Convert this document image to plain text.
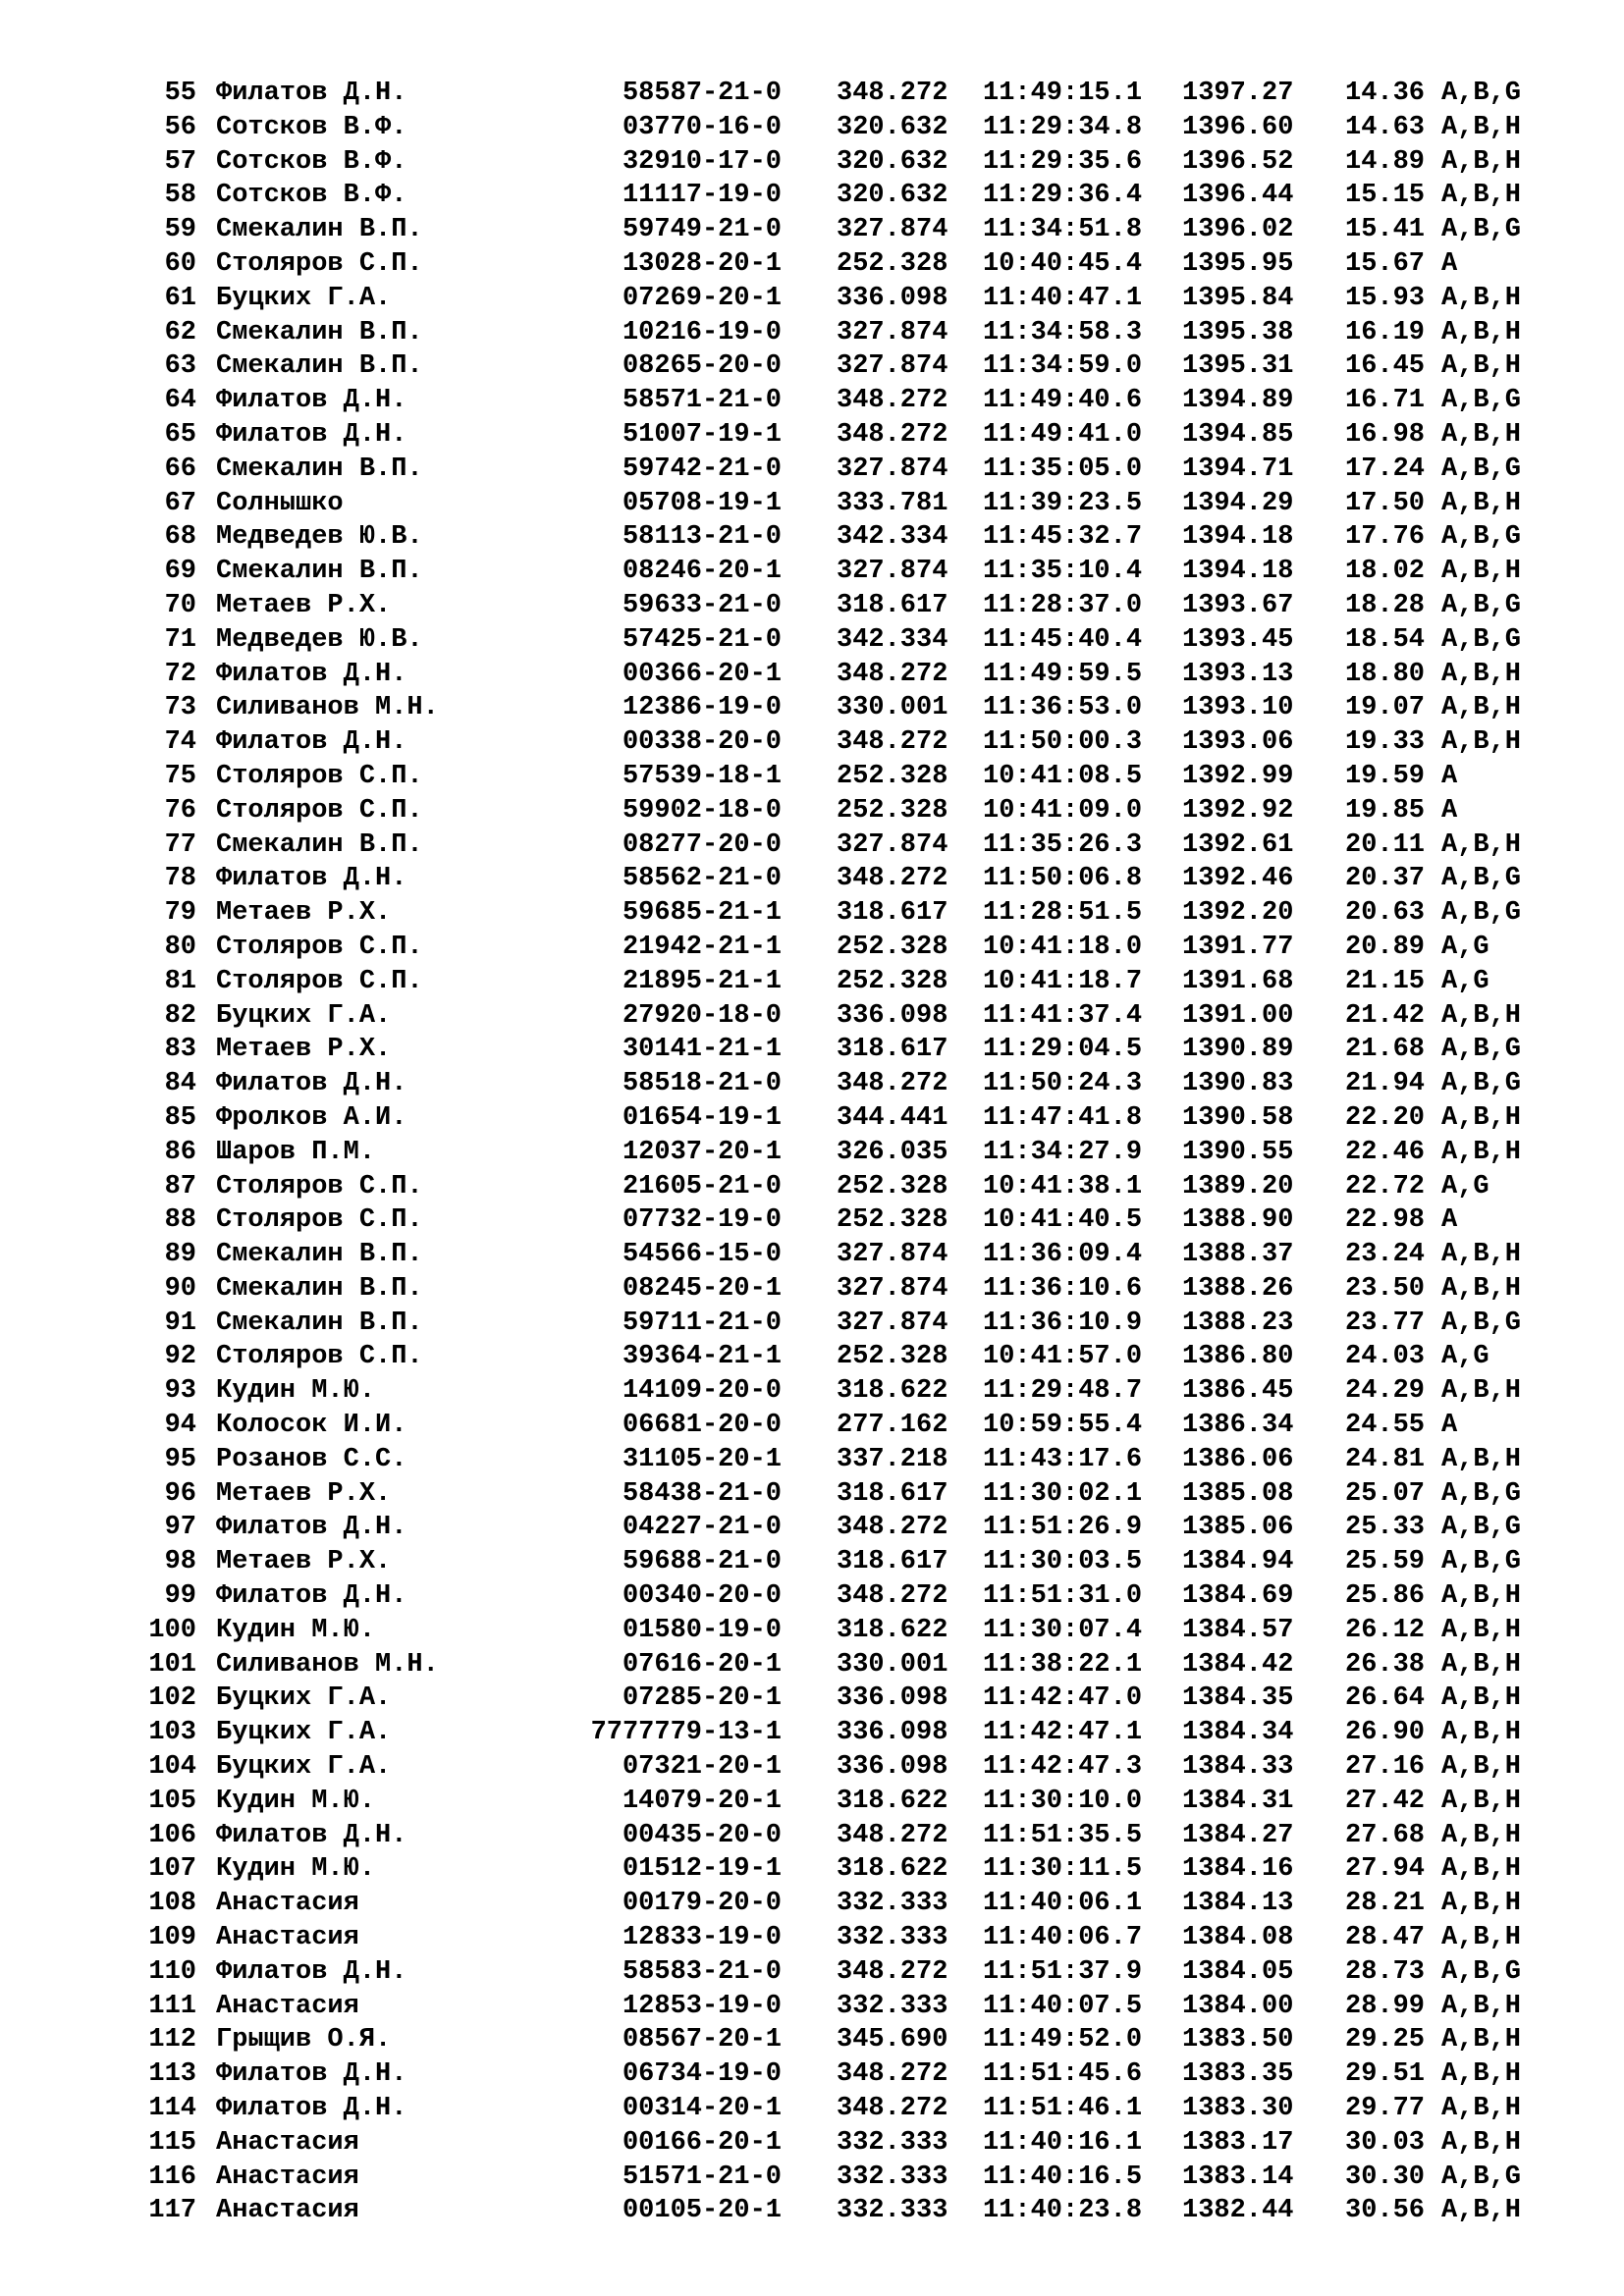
55 Филатов Д.Н.	58587-21-0 348.272 11:49:15.1 1397.27 14.36 A,B,G
56 Сотсков В.Ф.	03770-16-0 320.632 11:29:34.8 1396.60 14.63 A,B,H
57 Сотсков В.Ф.	32910-17-0 320.632 11:29:35.6 1396.52 14.89 A,B,H
58 Сотсков В.Ф.	11117-19-0 320.632 11:29:36.4 1396.44 15.15 A,B,H
59 Смекалин В.П.	59749-21-0 327.874 11:34:51.8 1396.02 15.41 A,B,G
60 Столяров С.П.	13028-20-1 252.328 10:40:45.4 1395.95 15.67 A
61 Буцких Г.А.	07269-20-1 336.098 11:40:47.1 1395.84 15.93 A,B,H
62 Смекалин В.П.	10216-19-0 327.874 11:34:58.3 1395.38 16.19 A,B,H
63 Смекалин В.П.	08265-20-0 327.874 11:34:59.0 1395.31 16.45 A,B,H
64 Филатов Д.Н.	58571-21-0 348.272 11:49:40.6 1394.89 16.71 A,B,G
65 Филатов Д.Н.	51007-19-1 348.272 11:49:41.0 1394.85 16.98 A,B,H
66 Смекалин В.П.	59742-21-0 327.874 11:35:05.0 1394.71 17.24 A,B,G
67 Солнышко	05708-19-1 333.781 11:39:23.5 1394.29 17.50 A,B,H
68 Медведев Ю.В.	58113-21-0 342.334 11:45:32.7 1394.18 17.76 A,B,G
69 Смекалин В.П.	08246-20-1 327.874 11:35:10.4 1394.18 18.02 A,B,H
70 Метаев Р.Х.	59633-21-0 318.617 11:28:37.0 1393.67 18.28 A,B,G
71 Медведев Ю.В.	57425-21-0 342.334 11:45:40.4 1393.45 18.54 A,B,G
72 Филатов Д.Н.	00366-20-1 348.272 11:49:59.5 1393.13 18.80 A,B,H
73 Силиванов М.Н.	12386-19-0 330.001 11:36:53.0 1393.10 19.07 A,B,H
74 Филатов Д.Н.	00338-20-0 348.272 11:50:00.3 1393.06 19.33 A,B,H
75 Столяров С.П.	57539-18-1 252.328 10:41:08.5 1392.99 19.59 A
76 Столяров С.П.	59902-18-0 252.328 10:41:09.0 1392.92 19.85 A
77 Смекалин В.П.	08277-20-0 327.874 11:35:26.3 1392.61 20.11 A,B,H
78 Филатов Д.Н.	58562-21-0 348.272 11:50:06.8 1392.46 20.37 A,B,G
79 Метаев Р.Х.	59685-21-1 318.617 11:28:51.5 1392.20 20.63 A,B,G
80 Столяров С.П.	21942-21-1 252.328 10:41:18.0 1391.77 20.89 A,G
81 Столяров С.П.	21895-21-1 252.328 10:41:18.7 1391.68 21.15 A,G
82 Буцких Г.А.	27920-18-0 336.098 11:41:37.4 1391.00 21.42 A,B,H
83 Метаев Р.Х.	30141-21-1 318.617 11:29:04.5 1390.89 21.68 A,B,G
84 Филатов Д.Н.	58518-21-0 348.272 11:50:24.3 1390.83 21.94 A,B,G
85 Фролков А.И.	01654-19-1 344.441 11:47:41.8 1390.58 22.20 A,B,H
86 Шаров П.М.	12037-20-1 326.035 11:34:27.9 1390.55 22.46 A,B,H
87 Столяров С.П.	21605-21-0 252.328 10:41:38.1 1389.20 22.72 A,G
88 Столяров С.П.	07732-19-0 252.328 10:41:40.5 1388.90 22.98 A
89 Смекалин В.П.	54566-15-0 327.874 11:36:09.4 1388.37 23.24 A,B,H
90 Смекалин В.П.	08245-20-1 327.874 11:36:10.6 1388.26 23.50 A,B,H
91 Смекалин В.П.	59711-21-0 327.874 11:36:10.9 1388.23 23.77 A,B,G
92 Столяров С.П.	39364-21-1 252.328 10:41:57.0 1386.80 24.03 A,G
93 Кудин М.Ю.	14109-20-0 318.622 11:29:48.7 1386.45 24.29 A,B,H
94 Колосок И.И.	06681-20-0 277.162 10:59:55.4 1386.34 24.55 A
95 Розанов С.С.	31105-20-1 337.218 11:43:17.6 1386.06 24.81 A,B,H
96 Метаев Р.Х.	58438-21-0 318.617 11:30:02.1 1385.08 25.07 A,B,G
97 Филатов Д.Н.	04227-21-0 348.272 11:51:26.9 1385.06 25.33 A,B,G
98 Метаев Р.Х.	59688-21-0 318.617 11:30:03.5 1384.94 25.59 A,B,G
99 Филатов Д.Н.	00340-20-0 348.272 11:51:31.0 1384.69 25.86 A,B,H
100 Кудин М.Ю.	01580-19-0 318.622 11:30:07.4 1384.57 26.12 A,B,H
101 Силиванов М.Н.	07616-20-1 330.001 11:38:22.1 1384.42 26.38 A,B,H
102 Буцких Г.А.	07285-20-1 336.098 11:42:47.0 1384.35 26.64 A,B,H
103 Буцких Г.А.	7777779-13-1 336.098 11:42:47.1 1384.34 26.90 A,B,H
104 Буцких Г.А.	07321-20-1 336.098 11:42:47.3 1384.33 27.16 A,B,H
105 Кудин М.Ю.	14079-20-1 318.622 11:30:10.0 1384.31 27.42 A,B,H
106 Филатов Д.Н.	00435-20-0 348.272 11:51:35.5 1384.27 27.68 A,B,H
107 Кудин М.Ю.	01512-19-1 318.622 11:30:11.5 1384.16 27.94 A,B,H
108 Анастасия	00179-20-0 332.333 11:40:06.1 1384.13 28.21 A,B,H
109 Анастасия	12833-19-0 332.333 11:40:06.7 1384.08 28.47 A,B,H
110 Филатов Д.Н.	58583-21-0 348.272 11:51:37.9 1384.05 28.73 A,B,G
111 Анастасия	12853-19-0 332.333 11:40:07.5 1384.00 28.99 A,B,H
112 Грыщив О.Я.	08567-20-1 345.690 11:49:52.0 1383.50 29.25 A,B,H
113 Филатов Д.Н.	06734-19-0 348.272 11:51:45.6 1383.35 29.51 A,B,H
114 Филатов Д.Н.	00314-20-1 348.272 11:51:46.1 1383.30 29.77 A,B,H
115 Анастасия	00166-20-1 332.333 11:40:16.1 1383.17 30.03 A,B,H
116 Анастасия	51571-21-0 332.333 11:40:16.5 1383.14 30.30 A,B,G
117 Анастасия	00105-20-1 332.333 11:40:23.8 1382.44 30.56 A,B,H
